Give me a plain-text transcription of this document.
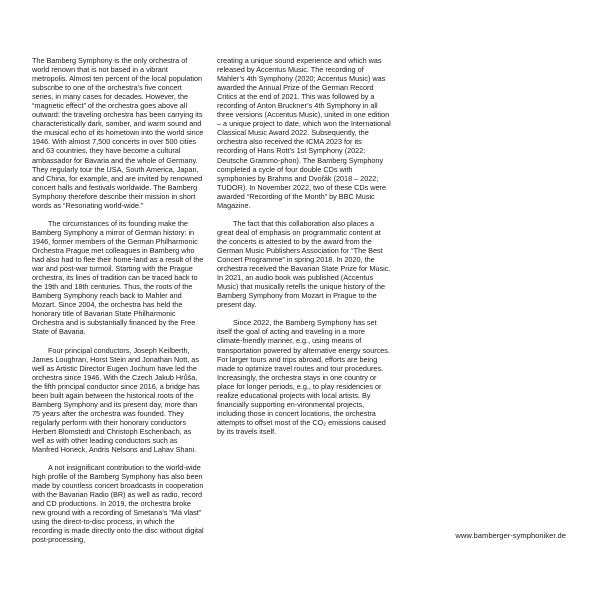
The Bamberg Symphony is the only orchestra of world renown that is not based in a vibrant metropolis. Almost ten percent of the local population subscribe to one of the orchestra’s five concert series, in many cases for decades. However, the “magnetic effect” of the orchestra goes above all outward: the traveling orchestra has been carrying its characteristically dark, somber, and warm sound and the musical echo of its hometown into the world since 1946. With almost 7,500 concerts in over 500 cities and 63 countries, they have become a cultural ambassador for Bavaria and the whole of Germany. They regularly tour the USA, South America, Japan, and China, for example, and are invited by renowned concert halls and festivals worldwide. The Bamberg Symphony therefore describe their mission in short words as “Resonating world-wide.”

The circumstances of its founding make the Bamberg Symphony a mirror of German history: in 1946, former members of the German Philharmonic Orchestra Prague met colleagues in Bamberg who had also had to flee their home-land as a result of the war and post-war turmoil. Starting with the Prague orchestra, its lines of tradition can be traced back to the 19th and 18th centuries. Thus, the roots of the Bamberg Symphony reach back to Mahler and Mozart. Since 2004, the orchestra has held the honorary title of Bavarian State Philharmonic Orchestra and is substantially financed by the Free State of Bavaria.

Four principal conductors, Joseph Keilberth, James Loughran, Horst Stein and Jonathan Nott, as well as Artistic Director Eugen Jochum have led the orchestra since 1946. With the Czech Jakub Hrůša, the fifth principal conductor since 2016, a bridge has been built again between the historical roots of the Bamberg Symphony and its present day, more than 75 years after the orchestra was founded. They regularly perform with their honorary conductors Herbert Blomstedt and Christoph Eschenbach, as well as with other leading conductors such as Manfred Honeck, Andris Nelsons and Lahav Shani.

A not insignificant contribution to the world-wide high profile of the Bamberg Symphony has also been made by countless concert broadcasts in cooperation with the Bavarian Radio (BR) as well as radio, record and CD productions. In 2019, the orchestra broke new ground with a recording of Smetana’s “Má vlast” using the direct-to-disc process, in which the recording is made directly onto the disc without digital post-processing,

creating a unique sound experience and which was released by Accentus Music. The recording of Mahler’s 4th Symphony (2020; Accentus Music) was awarded the Annual Prize of the German Record Critics at the end of 2021. This was followed by a recording of Anton Bruckner’s 4th Symphony in all three versions (Accentus Music), united in one edition – a unique project to date, which won the International Classical Music Award 2022. Subsequently, the orchestra also received the ICMA 2023 for its recording of Hans Rott’s 1st Symphony (2022; Deutsche Grammo-phon). The Bamberg Symphony completed a cycle of four double CDs with symphonies by Brahms and Dvořák (2018 – 2022; TUDOR). In November 2022, two of these CDs were awarded “Recording of the Month” by BBC Music Magazine.

The fact that this collaboration also places a great deal of emphasis on programmatic content at the concerts is attested to by the award from the German Music Publishers Association for “The Best Concert Programme” in spring 2018. In 2020, the orchestra received the Bavarian State Prize for Music. In 2021, an audio book was published (Accentus Music) that musically retells the unique history of the Bamberg Symphony from Mozart in Prague to the present day.

Since 2022, the Bamberg Symphony has set itself the goal of acting and traveling in a more climate-friendly manner, e.g., using means of transportation powered by alternative energy sources. For larger tours and trips abroad, efforts are being made to optimize travel routes and tour procedures. Increasingly, the orchestra stays in one country or place for longer periods, e.g., to play residencies or realize educational projects with local artists. By financially supporting en-vironmental projects, including those in concert locations, the orchestra attempts to offset most of the CO₂ emissions caused by its travels itself.

www.bamberger-symphoniker.de
